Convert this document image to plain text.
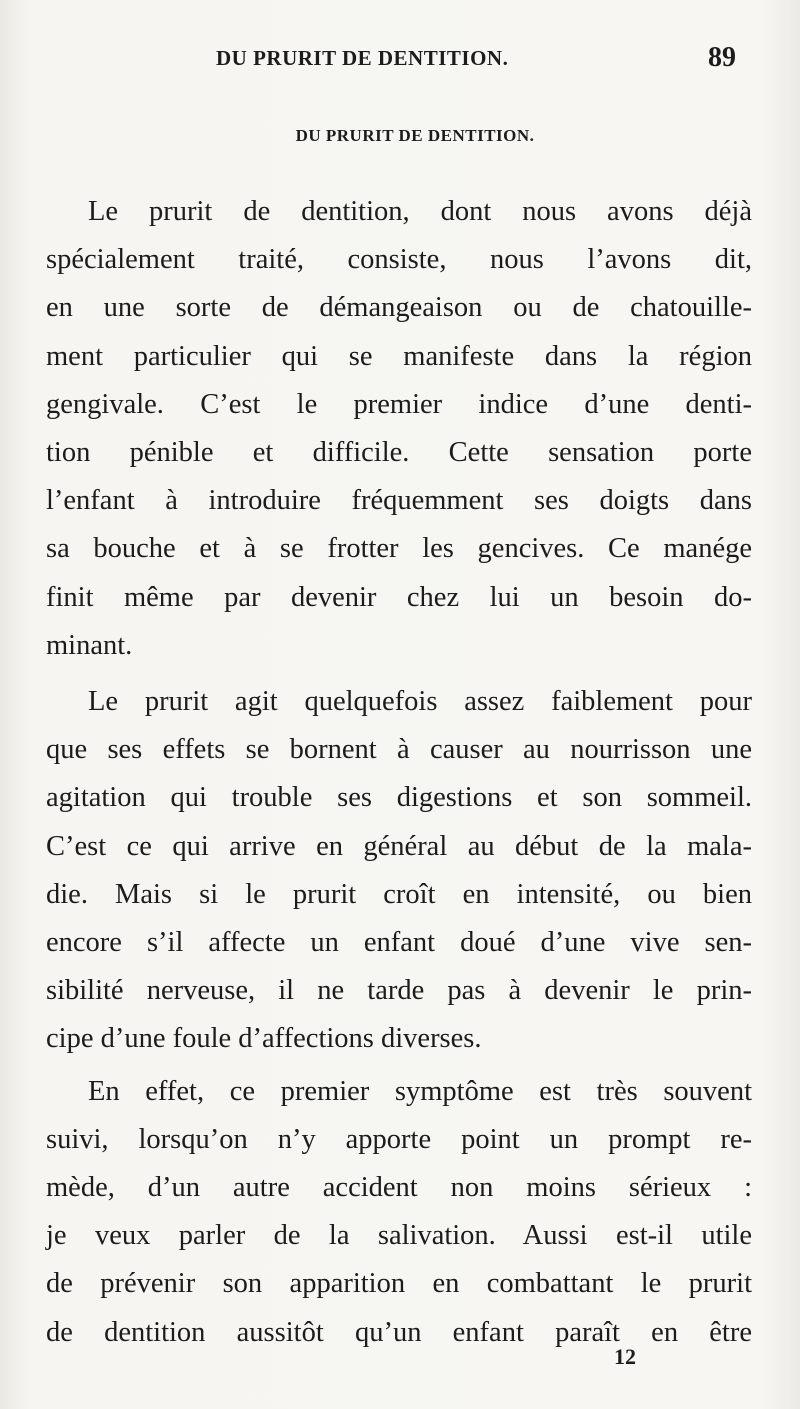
DU PRURIT DE DENTITION.	89
DU PRURIT DE DENTITION.
Le prurit de dentition, dont nous avons déjà
spécialement traité, consiste, nous l’avons dit,
en une sorte de démangeaison ou de chatouille-
ment particulier qui se manifeste dans la région
gengivale. C’est le premier indice d’une denti-
tion pénible et difficile. Cette sensation porte
l’enfant à introduire fréquemment ses doigts dans
sa bouche et à se frotter les gencives. Ce manége
finit même par devenir chez lui un besoin do-
minant.
Le prurit agit quelquefois assez faiblement pour
que ses effets se bornent à causer au nourrisson une
agitation qui trouble ses digestions et son sommeil.
C’est ce qui arrive en général au début de la mala-
die. Mais si le prurit croît en intensité, ou bien
encore s’il affecte un enfant doué d’une vive sen-
sibilité nerveuse, il ne tarde pas à devenir le prin-
cipe d’une foule d’affections diverses.
En effet, ce premier symptôme est très souvent
suivi, lorsqu’on n’y apporte point un prompt re-
mède, d’un autre accident non moins sérieux :
je veux parler de la salivation. Aussi est-il utile
de prévenir son apparition en combattant le prurit
de dentition aussitôt qu’un enfant paraît en être
12
